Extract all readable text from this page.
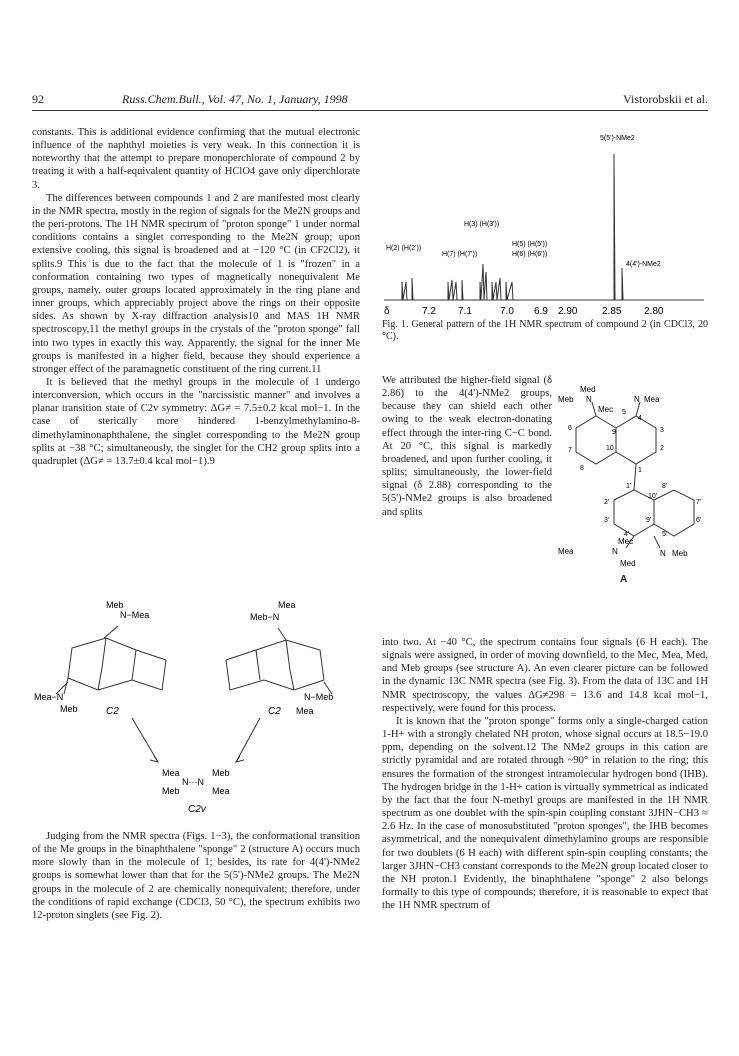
92	Russ.Chem.Bull., Vol. 47, No. 1, January, 1998	Vistorobskii et al.

constants. This is additional evidence confirming that the mutual electronic influence of the naphthyl moieties is very weak. In this connection it is noteworthy that the attempt to prepare monoperchlorate of compound 2 by treating it with a half-equivalent quantity of HClO4 gave only diperchlorate 3.

The differences between compounds 1 and 2 are manifested most clearly in the NMR spectra, mostly in the region of signals for the Me2N groups and the peri-protons. The 1H NMR spectrum of "proton sponge" 1 under normal conditions contains a singlet corresponding to the Me2N group; upon extensive cooling, this signal is broadened and at −120 °C (in CF2Cl2), it splits.9 This is due to the fact that the molecule of 1 is "frozen" in a conformation containing two types of magnetically nonequivalent Me groups, namely, outer groups located approximately in the ring plane and inner groups, which appreciably project above the rings on their opposite sides. As shown by X-ray diffraction analysis10 and MAS 1H NMR spectroscopy,11 the methyl groups in the crystals of the "proton sponge" fall into two types in exactly this way. Apparently, the signal for the inner Me groups is manifested in a higher field, because they should experience a stronger effect of the paramagnetic constituent of the ring current.11

It is believed that the methyl groups in the molecule of 1 undergo interconversion, which occurs in the "narcissistic manner" and involves a planar transition state of C2v symmetry: ΔG≠ = 7.5±0.2 kcal mol−1. In the case of sterically more hindered 1-benzylmethylamino-8-dimethylaminonaphthalene, the singlet corresponding to the Me2N group splits at −38 °C; simultaneously, the singlet for the CH2 group splits into a quadruplet (ΔG≠ = 13.7±0.4 kcal mol−1).9

Meb
N−Mea
Mea−N
Meb	C2
Mea
Meb−N
N−Meb
Mea
C2
Mea
Meb
N···N
Meb
Mea
C2v

Judging from the NMR spectra (Figs. 1−3), the conformational transition of the Me groups in the binaphthalene "sponge" 2 (structure A) occurs much more slowly than in the molecule of 1; besides, its rate for 4(4')-NMe2 groups is somewhat lower than that for the 5(5')-NMe2 groups. The Me2N groups in the molecule of 2 are chemically nonequivalent; therefore, under the conditions of rapid exchange (CDCl3, 50 °C), the spectrum exhibits two 12-proton singlets (see Fig. 2).

5(5')-NMe2
H(3) (H(3'))
H(2) (H(2'))
H(7) (H(7'))
H(5) (H(5'))
H(6) (H(6'))
4(4')-NMe2
δ	7.2 7.1	7.0 6.9 2.90 2.85 2.80
Fig. 1. General pattern of the 1H NMR spectrum of compound 2 (in CDCl3, 20 °C).

We attributed the higher-field signal (δ 2.86) to the 4(4')-NMe2 groups, because they can shield each other owing to the weak electron-donating effect through the inter-ring C−C bond. At 20 °C, this signal is markedly broadened, and upon further cooling, it splits; simultaneously, the lower-field signal (δ 2.88) corresponding to the 5(5')-NMe2 groups is also broadened and splits

Med
Meb N	N Mea
Mec
Mea	N	N Meb
Mec
Med
5
4
6
9	3
7	10	2
8	1
1'	8'
2'	7'
10'
3'	6'
9'
4'	5'
A

into two. At −40 °C, the spectrum contains four signals (6 H each). The signals were assigned, in order of moving downfield, to the Mec, Mea, Med, and Meb groups (see structure A). An even clearer picture can be followed in the dynamic 13C NMR spectra (see Fig. 3). From the data of 13C and 1H NMR spectroscopy, the values ΔG≠298 = 13.6 and 14.8 kcal mol−1, respectively, were found for this process.

It is known that the "proton sponge" forms only a single-charged cation 1-H+ with a strongly chelated NH proton, whose signal occurs at 18.5−19.0 ppm, depending on the solvent.12 The NMe2 groups in this cation are strictly pyramidal and are rotated through ~90° in relation to the ring; this ensures the formation of the strongest intramolecular hydrogen bond (IHB). The hydrogen bridge in the 1-H+ cation is virtually symmetrical as indicated by the fact that the four N-methyl groups are manifested in the 1H NMR spectrum as one doublet with the spin-spin coupling constant 3JHN−CH3 ≈ 2.6 Hz. In the case of monosubstituted "proton sponges", the IHB becomes asymmetrical, and the nonequivalent dimethylamino groups are responsible for two doublets (6 H each) with different spin-spin coupling constants; the larger 3JHN−CH3 constant corresponds to the Me2N group located closer to the NH proton.1 Evidently, the binaphthalene "sponge" 2 also belongs formally to this type of compounds; therefore, it is reasonable to expect that the 1H NMR spectrum of
